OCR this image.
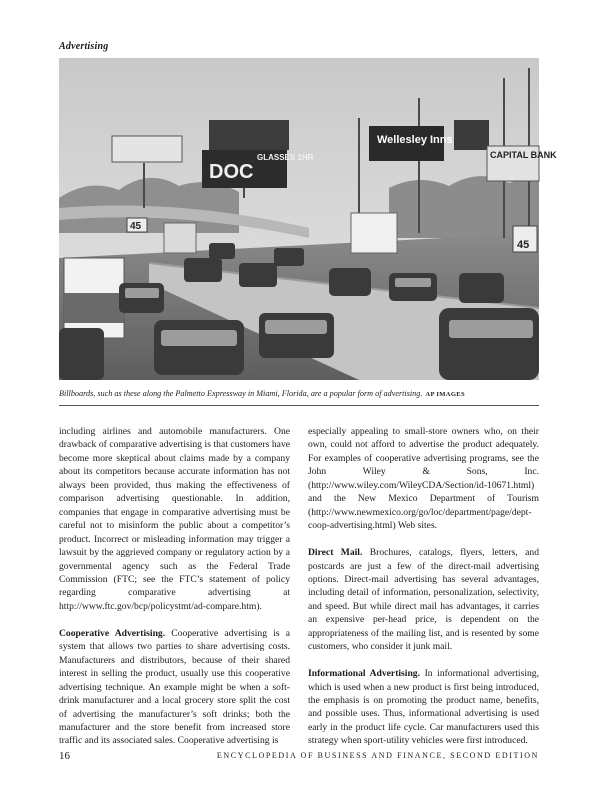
Advertising
DOC
GLASSES 1HR
Wellesley Inns
CAPITAL BANK
45
45
Billboards, such as these along the Palmetto Expressway in Miami, Florida, are a popular form of advertising. AP IMAGES

including airlines and automobile manufacturers. One drawback of comparative advertising is that customers have become more skeptical about claims made by a company about its competitors because accurate information has not always been provided, thus making the effectiveness of comparison advertising questionable. In addition, companies that engage in comparative advertising must be careful not to misinform the public about a competitor’s product. Incorrect or misleading information may trigger a lawsuit by the aggrieved company or regulatory action by a governmental agency such as the Federal Trade Commission (FTC; see the FTC’s statement of policy regarding comparative advertising at http://www.ftc.gov/bcp/policystmt/ad-compare.htm).

Cooperative Advertising. Cooperative advertising is a system that allows two parties to share advertising costs. Manufacturers and distributors, because of their shared interest in selling the product, usually use this cooperative advertising technique. An example might be when a soft-drink manufacturer and a local grocery store split the cost of advertising the manufacturer’s soft drinks; both the manufacturer and the store benefit from increased store traffic and its associated sales. Cooperative advertising is

especially appealing to small-store owners who, on their own, could not afford to advertise the product adequately. For examples of cooperative advertising programs, see the John Wiley & Sons, Inc. (http://www.wiley.com/WileyCDA/Section/id-10671.html) and the New Mexico Department of Tourism (http://www.newmexico.org/go/loc/department/page/dept-coop-advertising.html) Web sites.

Direct Mail. Brochures, catalogs, flyers, letters, and postcards are just a few of the direct-mail advertising options. Direct-mail advertising has several advantages, including detail of information, personalization, selectivity, and speed. But while direct mail has advantages, it carries an expensive per-head price, is dependent on the appropriateness of the mailing list, and is resented by some customers, who consider it junk mail.

Informational Advertising. In informational advertising, which is used when a new product is first being introduced, the emphasis is on promoting the product name, benefits, and possible uses. Thus, informational advertising is used early in the product life cycle. Car manufacturers used this strategy when sport-utility vehicles were first introduced.

16	ENCYCLOPEDIA OF BUSINESS AND FINANCE, SECOND EDITION
